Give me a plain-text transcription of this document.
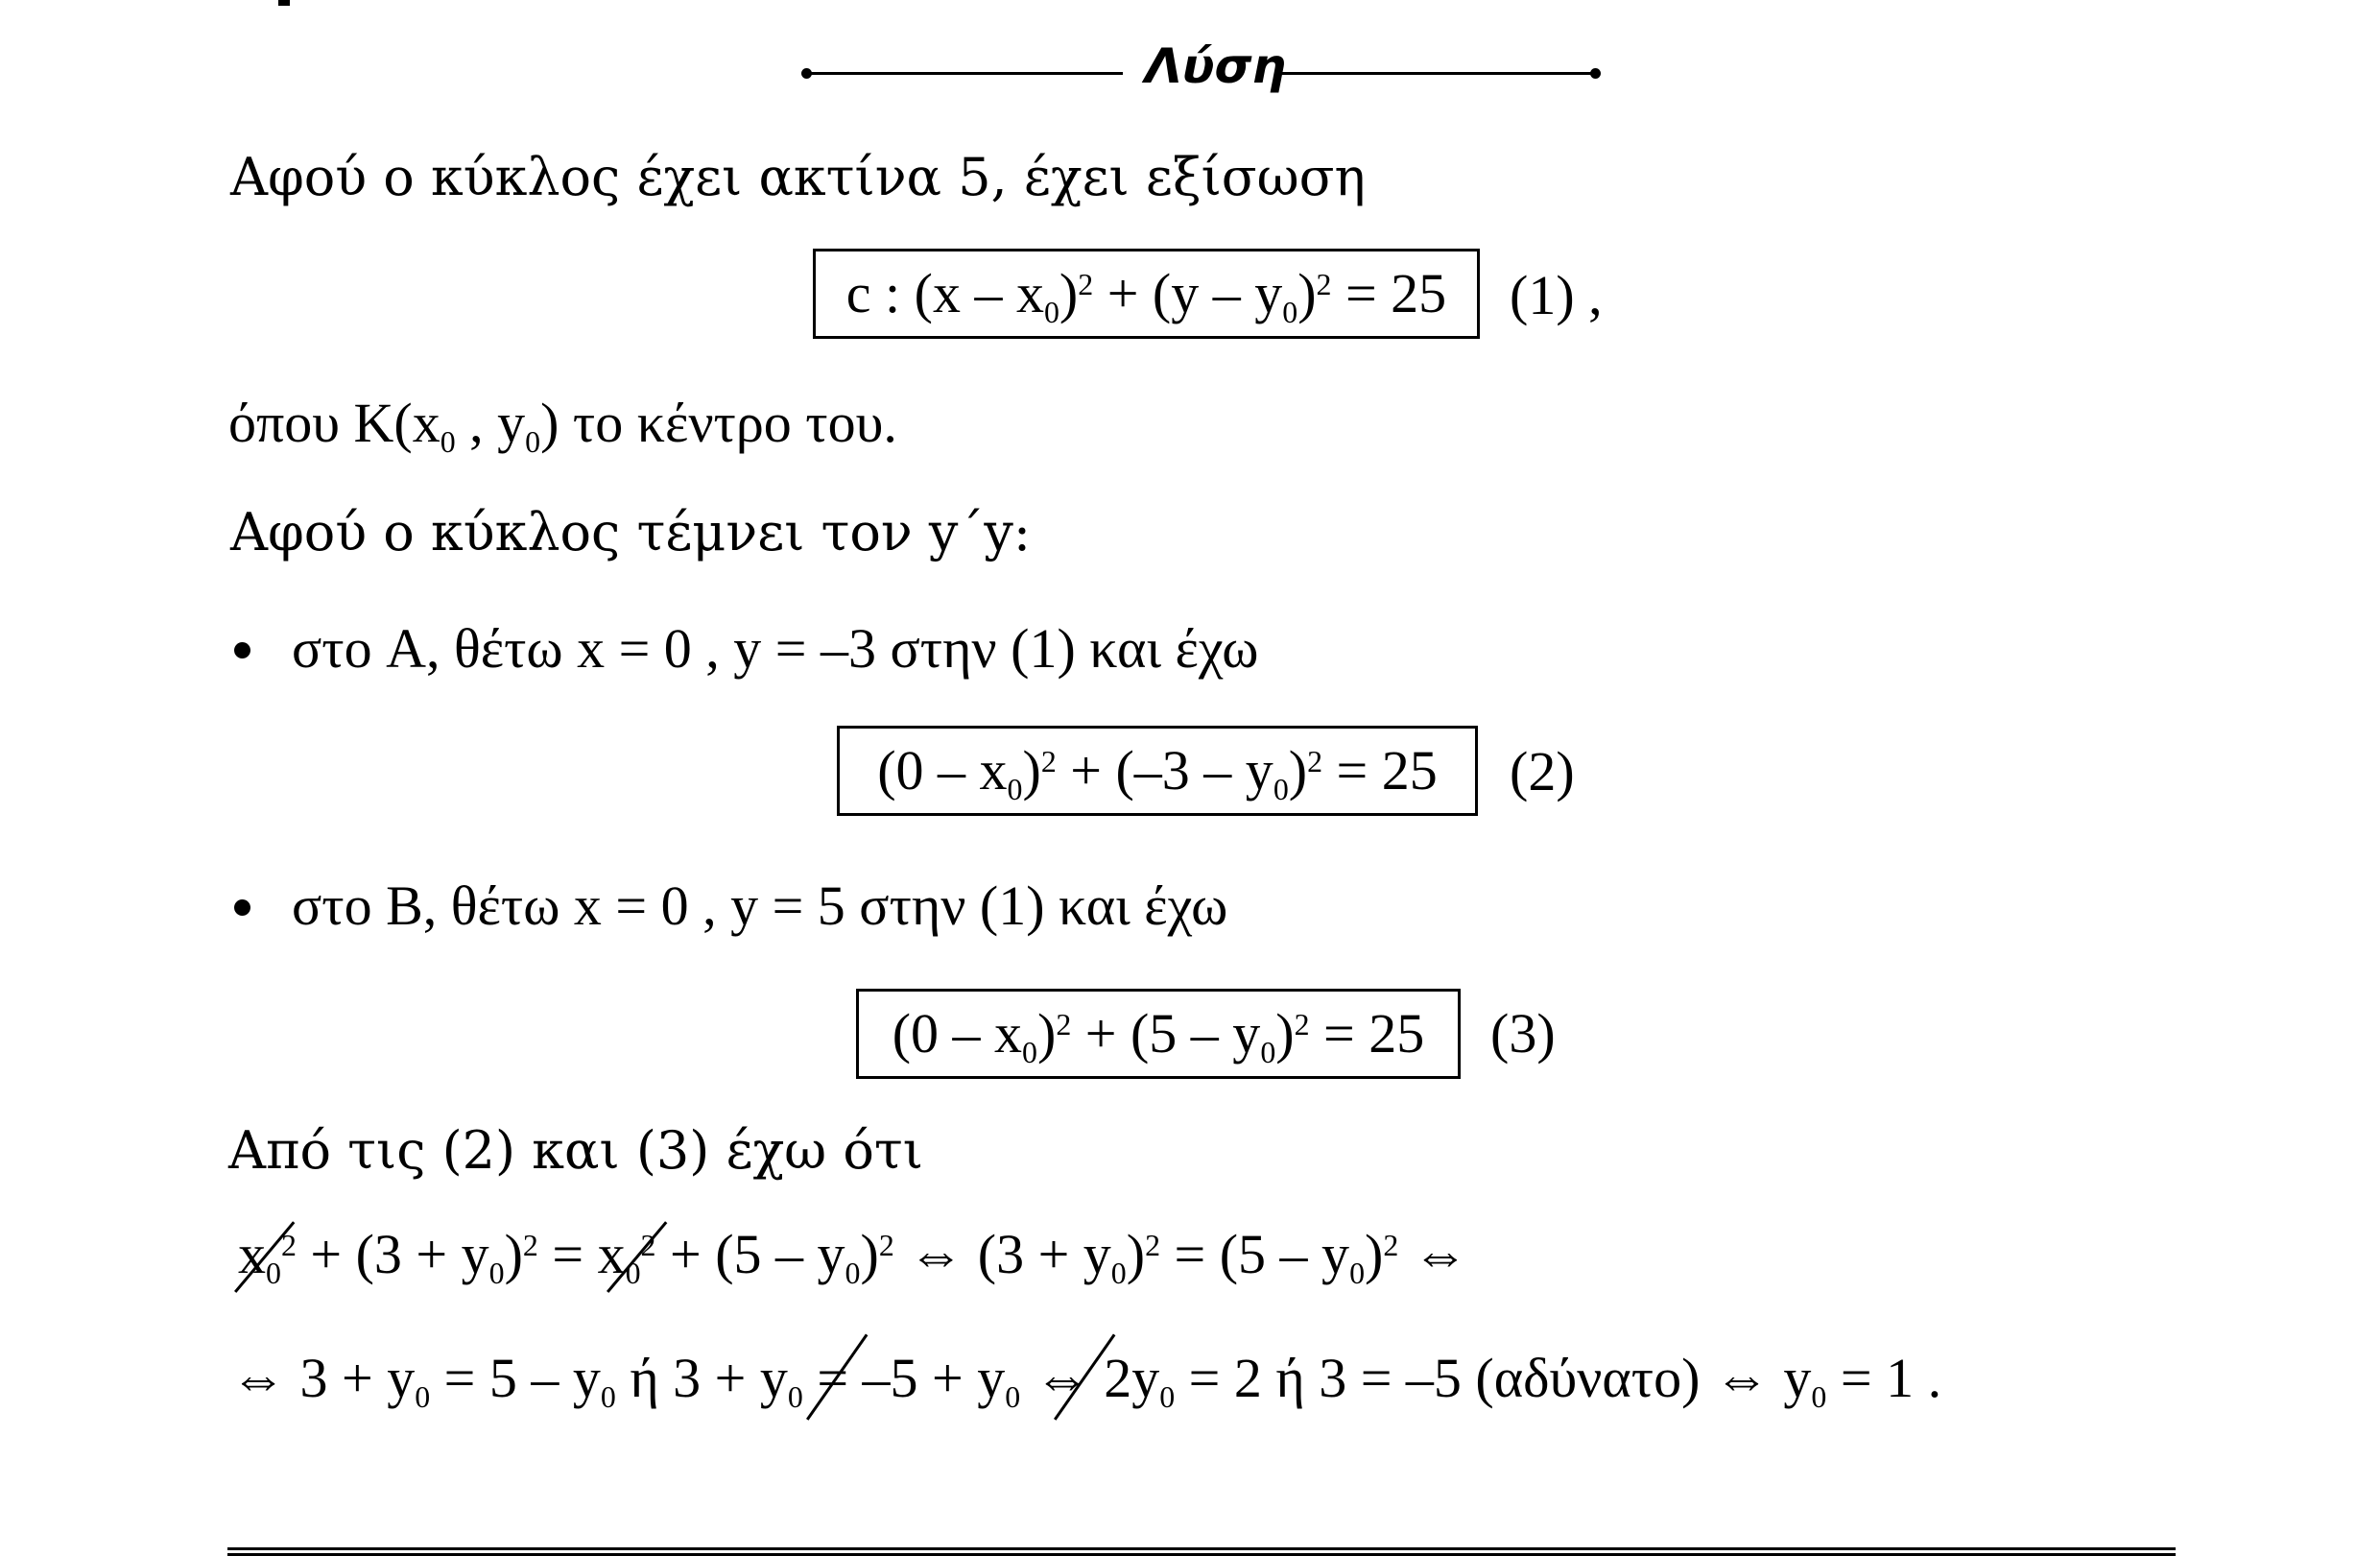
Λύση
Αφού ο κύκλος έχει ακτίνα 5, έχει εξίσωση
c : $(x - x_0)^2 + (y - y_0)^2 = 25$ (1) ,
όπου $K(x_0$ , $y_0$) το κέντρο του.
Αφού ο κύκλος τέμνει τον y΄y:
στο A, θέτω x = 0 , y = –3 στην (1) και έχω
$(0 - x_0)^2 + (-3 - y_0)^2 = 25$ (2)
στο B, θέτω x = 0 , y = 5 στην (1) και έχω
$(0 - x_0)^2 + (5 - y_0)^2 = 25$ (3)
Από τις (2) και (3) έχω ότι
$x_0^2 + (3 + y_0)^2 = x_0^2 + (5 - y_0)^2$ ⇔ $(3 + y_0)^2 = (5 - y_0)^2$ ⇔
⇔ $3 + y_0 = 5 - y_0$ ή $3 + y_0 = -5 + y_0$ ⇔ $2y_0 = 2$ ή 3 = –5 (αδύνατο) ⇔ $y_0 = 1$ .
